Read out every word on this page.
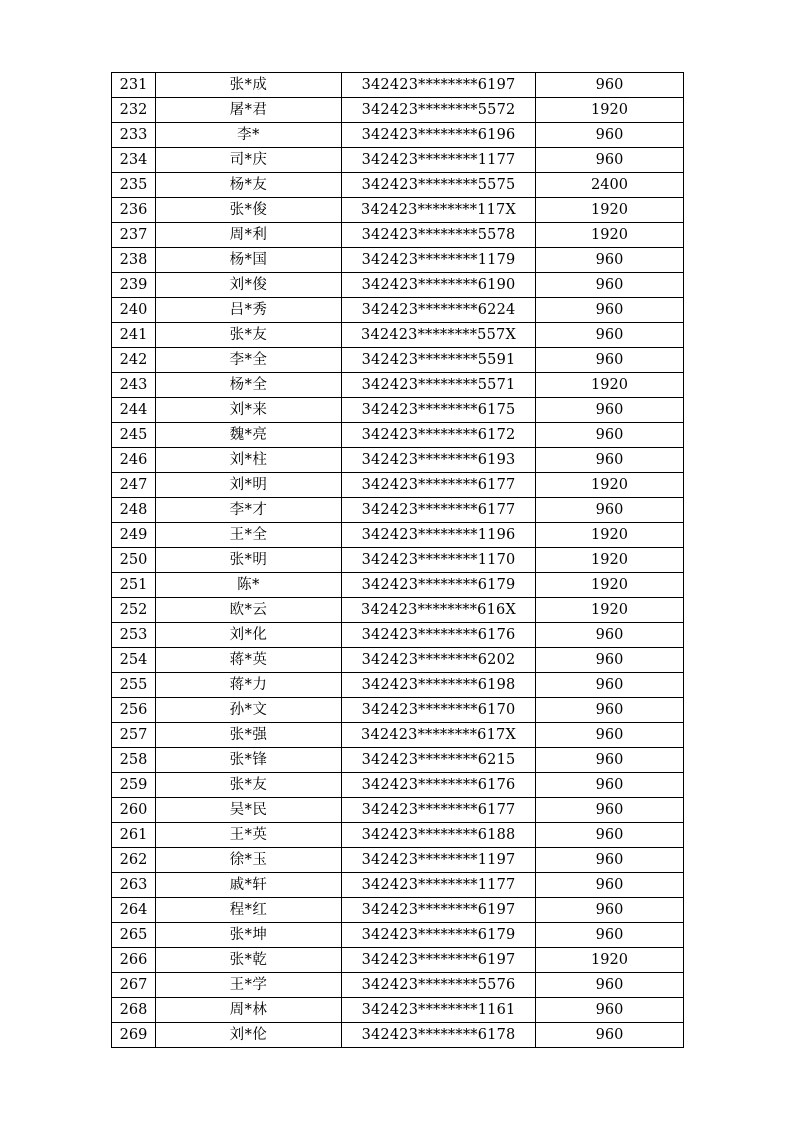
231	张*成	342423********6197	960
232	屠*君	342423********5572	1920
233	李*	342423********6196	960
234	司*庆	342423********1177	960
235	杨*友	342423********5575	2400
236	张*俊	342423********117X	1920
237	周*利	342423********5578	1920
238	杨*国	342423********1179	960
239	刘*俊	342423********6190	960
240	吕*秀	342423********6224	960
241	张*友	342423********557X	960
242	李*全	342423********5591	960
243	杨*全	342423********5571	1920
244	刘*来	342423********6175	960
245	魏*亮	342423********6172	960
246	刘*柱	342423********6193	960
247	刘*明	342423********6177	1920
248	李*才	342423********6177	960
249	王*全	342423********1196	1920
250	张*明	342423********1170	1920
251	陈*	342423********6179	1920
252	欧*云	342423********616X	1920
253	刘*化	342423********6176	960
254	蒋*英	342423********6202	960
255	蒋*力	342423********6198	960
256	孙*文	342423********6170	960
257	张*强	342423********617X	960
258	张*锋	342423********6215	960
259	张*友	342423********6176	960
260	吴*民	342423********6177	960
261	王*英	342423********6188	960
262	徐*玉	342423********1197	960
263	戚*轩	342423********1177	960
264	程*红	342423********6197	960
265	张*坤	342423********6179	960
266	张*乾	342423********6197	1920
267	王*学	342423********5576	960
268	周*林	342423********1161	960
269	刘*伦	342423********6178	960
